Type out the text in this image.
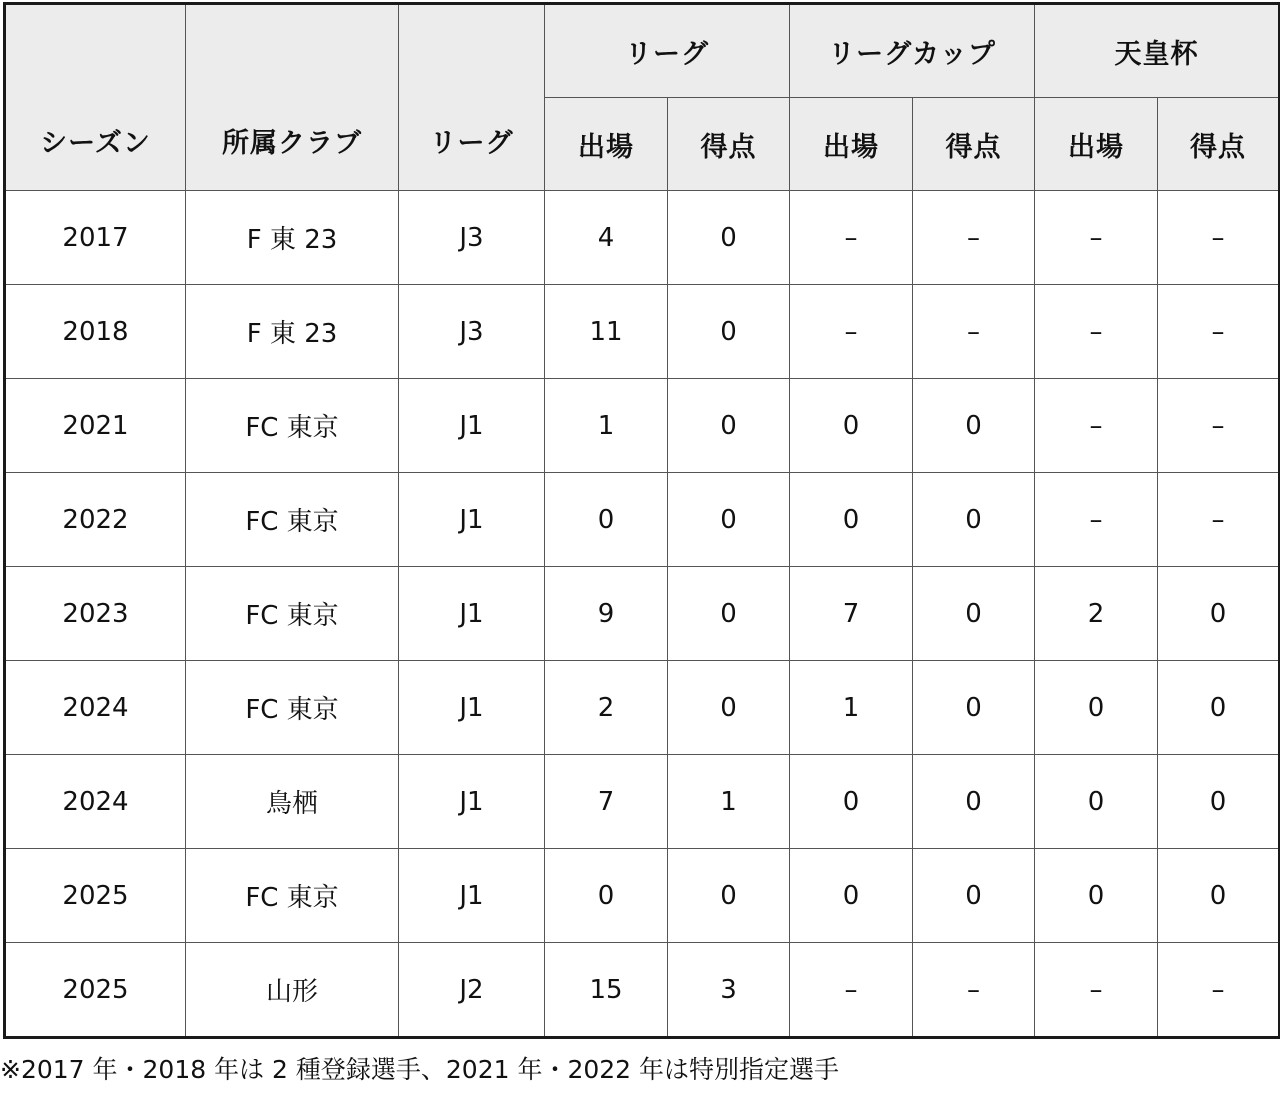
シーズン	所属クラブ	リーグ	リーグ		リーグカップ		天皇杯	
			出場	得点	出場	得点	出場	得点
2017	F 東 23	J3	4	0	–	–	–	–
2018	F 東 23	J3	11	0	–	–	–	–
2021	FC 東京	J1	1	0	0	0	–	–
2022	FC 東京	J1	0	0	0	0	–	–
2023	FC 東京	J1	9	0	7	0	2	0
2024	FC 東京	J1	2	0	1	0	0	0
2024	鳥栖	J1	7	1	0	0	0	0
2025	FC 東京	J1	0	0	0	0	0	0
2025	山形	J2	15	3	–	–	–	–
※2017 年・2018 年は 2 種登録選手、2021 年・2022 年は特別指定選手
